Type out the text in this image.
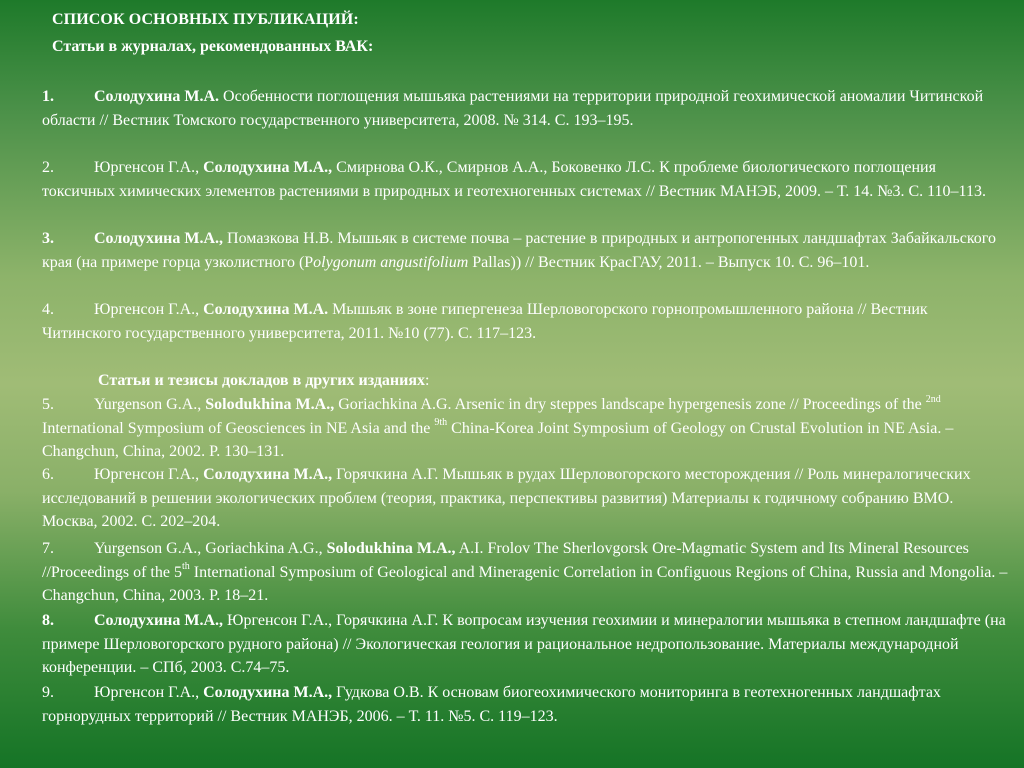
СПИСОК ОСНОВНЫХ ПУБЛИКАЦИЙ:
Статьи в журналах, рекомендованных ВАК:
1.	Солодухина М.А. Особенности поглощения мышьяка растениями на территории природной геохимической аномалии Читинской области // Вестник Томского государственного университета, 2008. № 314. С. 193–195.
2.	Юргенсон Г.А., Солодухина М.А., Смирнова О.К., Смирнов А.А., Боковенко Л.С. К проблеме биологического поглощения токсичных химических элементов растениями в природных и геотехногенных системах // Вестник МАНЭБ, 2009. – Т. 14. №3. С. 110–113.
3.	Солодухина М.А., Помазкова Н.В. Мышьяк в системе почва – растение в природных и антропогенных ландшафтах Забайкальского края (на примере горца узколистного (Polygonum angustifolium Pallas)) // Вестник КрасГАУ, 2011. – Выпуск 10. С. 96–101.
4.	Юргенсон Г.А., Солодухина М.А. Мышьяк в зоне гипергенеза Шерловогорского горнопромышленного района // Вестник Читинского государственного университета, 2011. №10 (77). С. 117–123.
Статьи и тезисы докладов в других изданиях:
5.	Yurgenson G.A., Solodukhina M.A., Goriachkina A.G. Arsenic in dry steppes landscape hypergenesis zone // Proceedings of the $^{2nd}$ International Symposium of Geosciences in NE Asia and the $^{9th}$ China-Korea Joint Symposium of Geology on Crustal Evolution in NE Asia. – Changchun, China, 2002. P. 130–131.
6.	Юргенсон Г.А., Солодухина М.А., Горячкина А.Г. Мышьяк в рудах Шерловогорского месторождения // Роль минералогических исследований в решении экологических проблем (теория, практика, перспективы развития) Материалы к годичному собранию ВМО. Москва, 2002. С. 202–204.
7.	Yurgenson G.A., Goriachkina A.G., Solodukhina M.A., A.I. Frolov The Sherlovgorsk Ore-Magmatic System and Its Mineral Resources //Proceedings of the 5th International Symposium of Geological and Mineragenic Correlation in Configuous Regions of China, Russia and Mongolia. – Changchun, China, 2003. P. 18–21.
8.	Солодухина М.А., Юргенсон Г.А., Горячкина А.Г. К вопросам изучения геохимии и минералогии мышьяка в степном ландшафте (на примере Шерловогорского рудного района) // Экологическая геология и рациональное недропользование. Материалы международной конференции. – СПб, 2003. С.74–75.
9.	Юргенсон Г.А., Солодухина М.А., Гудкова О.В. К основам биогеохимического мониторинга в геотехногенных ландшафтах горнорудных территорий // Вестник МАНЭБ, 2006. – Т. 11. №5. С. 119–123.
